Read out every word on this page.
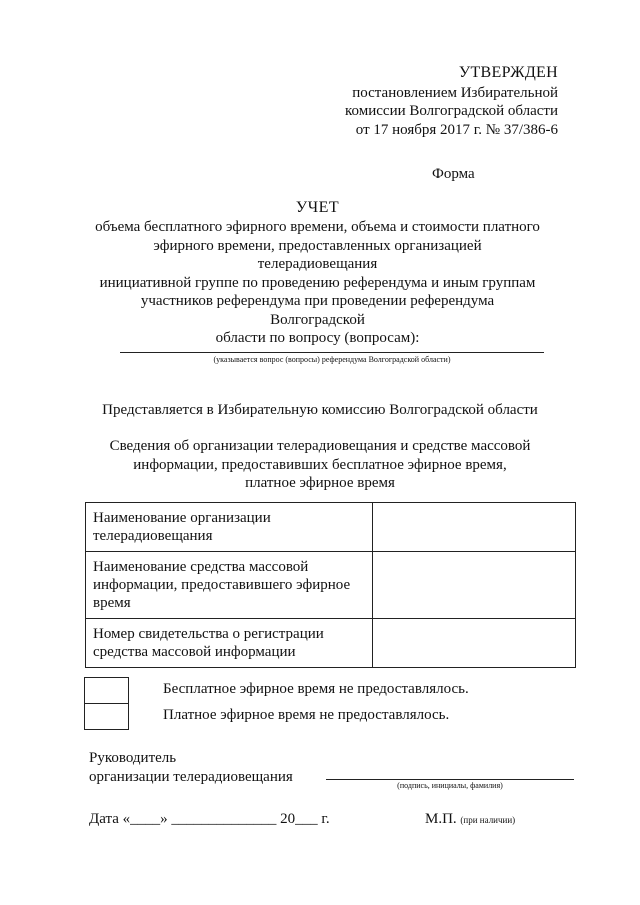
УТВЕРЖДЕН
постановлением Избирательной
комиссии Волгоградской области
от 17 ноября 2017 г. № 37/386-6
Форма
УЧЕТ
объема бесплатного эфирного времени, объема и стоимости платного
эфирного времени, предоставленных организацией телерадиовещания
инициативной группе по проведению референдума и иным группам
участников референдума при проведении референдума Волгоградской
области по вопросу (вопросам):
(указывается вопрос (вопросы) референдума Волгоградской области)
Представляется в Избирательную комиссию Волгоградской области
Сведения об организации телерадиовещания и средстве массовой
информации, предоставивших бесплатное эфирное время,
платное эфирное время
Наименование организации
телерадиовещания	

Наименование средства массовой
информации, предоставившего эфирное
время	

Номер свидетельства о регистрации
средства массовой информации	

Бесплатное эфирное время не предоставлялось.
Платное эфирное время не предоставлялось.
Руководитель
организации телерадиовещания
(подпись, инициалы, фамилия)
Дата «____» ______________ 20___ г.	М.П. (при наличии)
